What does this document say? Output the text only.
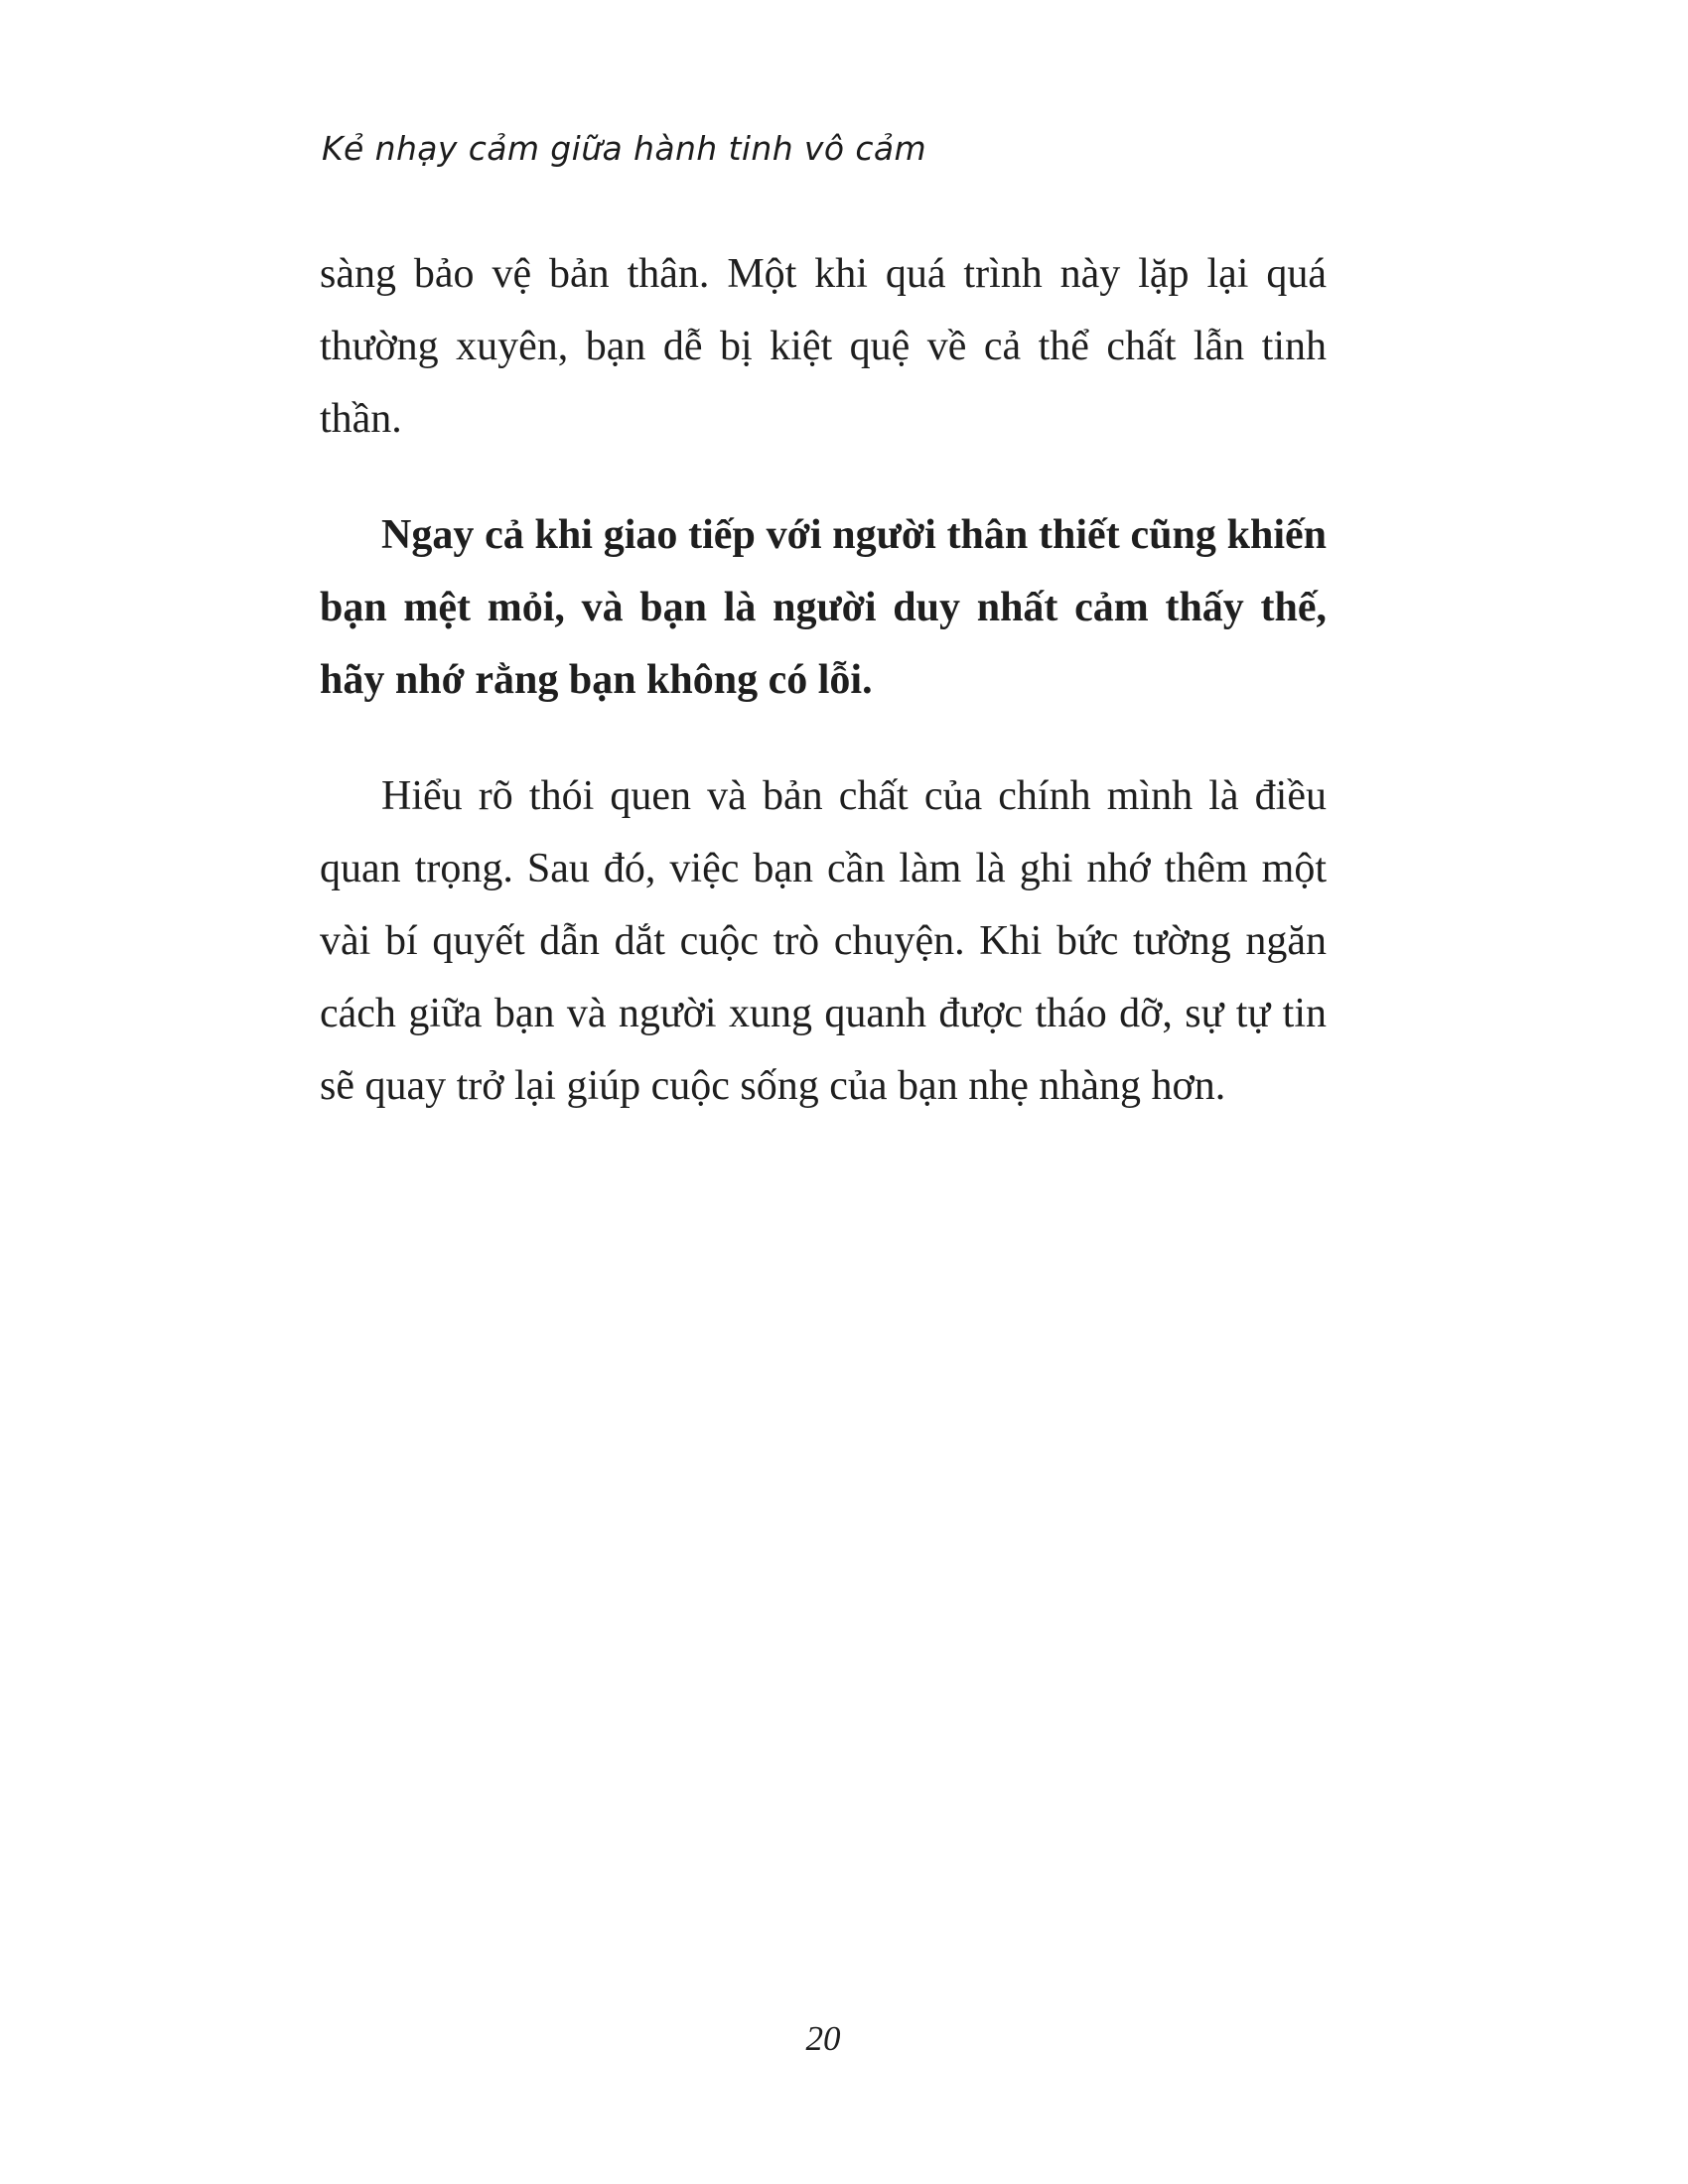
Kẻ nhạy cảm giữa hành tinh vô cảm

sàng bảo vệ bản thân. Một khi quá trình này lặp lại quá thường xuyên, bạn dễ bị kiệt quệ về cả thể chất lẫn tinh thần.

Ngay cả khi giao tiếp với người thân thiết cũng khiến bạn mệt mỏi, và bạn là người duy nhất cảm thấy thế, hãy nhớ rằng bạn không có lỗi.

Hiểu rõ thói quen và bản chất của chính mình là điều quan trọng. Sau đó, việc bạn cần làm là ghi nhớ thêm một vài bí quyết dẫn dắt cuộc trò chuyện. Khi bức tường ngăn cách giữa bạn và người xung quanh được tháo dỡ, sự tự tin sẽ quay trở lại giúp cuộc sống của bạn nhẹ nhàng hơn.

20
